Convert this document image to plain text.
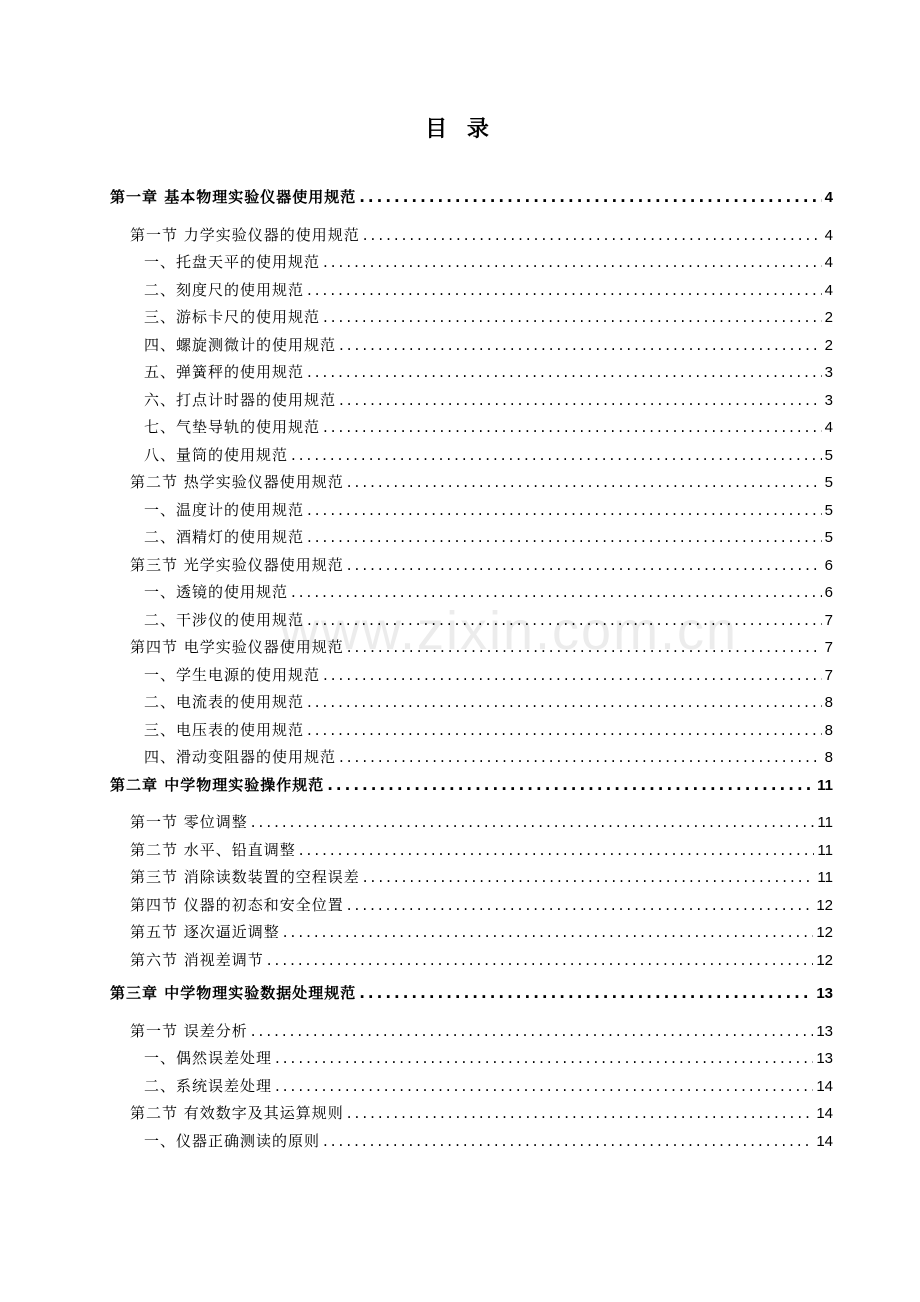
www.zixin.com.cn
目 录
第一章 基本物理实验仪器使用规范 .....	4
第一节 力学实验仪器的使用规范 .....	4
一、托盘天平的使用规范 .....	4
二、刻度尺的使用规范 .....	4
三、游标卡尺的使用规范 .....	2
四、螺旋测微计的使用规范 .....	2
五、弹簧秤的使用规范 .....	3
六、打点计时器的使用规范 .....	3
七、气垫导轨的使用规范 .....	4
八、量筒的使用规范 .....	5
第二节 热学实验仪器使用规范 .....	5
一、温度计的使用规范 .....	5
二、酒精灯的使用规范 .....	5
第三节 光学实验仪器使用规范 .....	6
一、透镜的使用规范 .....	6
二、干涉仪的使用规范 .....	7
第四节 电学实验仪器使用规范 .....	7
一、学生电源的使用规范 .....	7
二、电流表的使用规范 .....	8
三、电压表的使用规范 .....	8
四、滑动变阻器的使用规范 .....	8
第二章 中学物理实验操作规范 .....	11
第一节 零位调整 .....	11
第二节 水平、铅直调整 .....	11
第三节 消除读数装置的空程误差 .....	11
第四节 仪器的初态和安全位置 .....	12
第五节 逐次逼近调整 .....	12
第六节 消视差调节 .....	12
第三章 中学物理实验数据处理规范 .....	13
第一节 误差分析 .....	13
一、偶然误差处理 .....	13
二、系统误差处理 .....	14
第二节 有效数字及其运算规则 .....	14
一、仪器正确测读的原则 .....	14
